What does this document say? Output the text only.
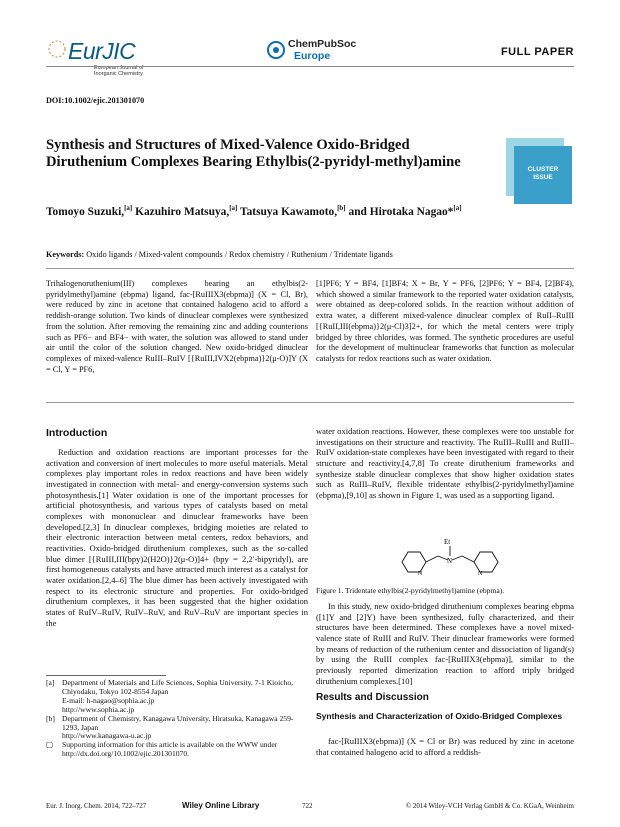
EurJIC
European Journal of Inorganic Chemistry
ChemPubSoc
Europe	FULL PAPER
DOI:10.1002/ejic.201301070
Synthesis and Structures of Mixed-Valence Oxido-Bridged Diruthenium Complexes Bearing Ethylbis(2-pyridyl-methyl)amine	CLUSTER
ISSUE
Tomoyo Suzuki,[a] Kazuhiro Matsuya,[a] Tatsuya Kawamoto,[b] and Hirotaka Nagao*[a]
Keywords: Oxido ligands / Mixed-valent compounds / Redox chemistry / Ruthenium / Tridentate ligands
Trihalogenoruthenium(III) complexes bearing an ethylbis(2-pyridylmethyl)amine (ebpma) ligand, fac-[RuIIIX3(ebpma)] (X = Cl, Br), were reduced by zinc in acetone that contained halogeno acid to afford a reddish-orange solution. Two kinds of dinuclear complexes were synthesized from the solution. After removing the remaining zinc and adding counterions such as PF6− and BF4− with water, the solution was allowed to stand under air until the color of the solution changed. New oxido-bridged dinuclear complexes of mixed-valence RuIII–RuIV [{RuIII,IVX2(ebpma)}2(μ-O)]Y (X = Cl, Y = PF6,
[1]PF6; Y = BF4, [1]BF4; X = Br, Y = PF6, [2]PF6; Y = BF4, [2]BF4), which showed a similar framework to the reported water oxidation catalysts, were obtained as deep-colored solids. In the reaction without addition of extra water, a different mixed-valence dinuclear complex of RuII–RuIII [{RuII,III(ebpma)}2(μ-Cl)3]2+, for which the metal centers were triply bridged by three chlorides, was formed. The synthetic procedures are useful for the development of multinuclear frameworks that function as molecular catalysts for redox reactions such as water oxidation.
Introduction

Reduction and oxidation reactions are important processes for the activation and conversion of inert molecules to more useful materials. Metal complexes play important roles in redox reactions and have been widely investigated in connection with metal- and energy-conversion systems such photosynthesis.[1] Water oxidation is one of the important processes for artificial photosynthesis, and various types of catalysts based on metal complexes with mononuclear and dinuclear frameworks have been developed.[2,3] In dinuclear complexes, bridging moieties are related to their electronic interaction between metal centers, redox behaviors, and reactivities. Oxido-bridged diruthenium complexes, such as the so-called blue dimer [{RuIII,III(bpy)2(H2O)}2(μ-O)]4+ (bpy = 2,2′-bipyridyl), are first homogeneous catalysts and have attracted much interest as a catalyst for water oxidation.[2,4–6] The blue dimer has been actively investigated with respect to its electronic structure and properties. For oxido-bridged diruthenium complexes, it has been suggested that the higher oxidation states of RuIV–RuIV, RuIV–RuV, and RuV–RuV are important species in the

water oxidation reactions. However, these complexes were too unstable for investigations on their structure and reactivity. The RuIII–RuIII and RuIII–RuIV oxidation-state complexes have been investigated with regard to their structure and reactivity.[4,7,8] To create diruthenium frameworks and synthesize stable dinuclear complexes that show higher oxidation states such as RuIII–RuIV, flexible tridentate ethylbis(2-pyridylmethyl)amine (ebpma),[9,10] as shown in Figure 1, was used as a supporting ligand.

N
Et
N	N
Figure 1. Tridentate ethylbis(2-pyridylmethyl)amine (ebpma).

In this study, new oxido-bridged diruthenium complexes bearing ebpma ([1]Y and [2]Y) have been synthesized, fully characterized, and their structures have been determined. These complexes have a novel mixed-valence state of RuIII and RuIV. Their dinuclear frameworks were formed by means of reduction of the ruthenium center and dissociation of ligand(s) by using the RuIII complex fac-[RuIIIX3(ebpma)], similar to the previously reported dimerization reaction to afford triply bridged diruthenium complexes.[10]

Results and Discussion
Synthesis and Characterization of Oxido-Bridged Complexes

fac-[RuIIIX3(ebpma)] (X = Cl or Br) was reduced by zinc in acetone that contained halogeno acid to afford a reddish-

[a] Department of Materials and Life Sciences, Sophia University, 7-1 Kioicho, Chiyodaku, Tokyo 102-8554 Japan
E-mail: h-nagao@sophia.ac.jp
http://www.sophia.ac.jp
[b] Department of Chemistry, Kanagawa University, Hiratsuka, Kanagawa 259-1293, Japan
http://www.kanagawa-u.ac.jp
▢ Supporting information for this article is available on the WWW under http://dx.doi.org/10.1002/ejic.201301070.
Eur. J. Inorg. Chem. 2014, 722–727	Wiley Online Library	722	© 2014 Wiley-VCH Verlag GmbH & Co. KGaA, Weinheim
